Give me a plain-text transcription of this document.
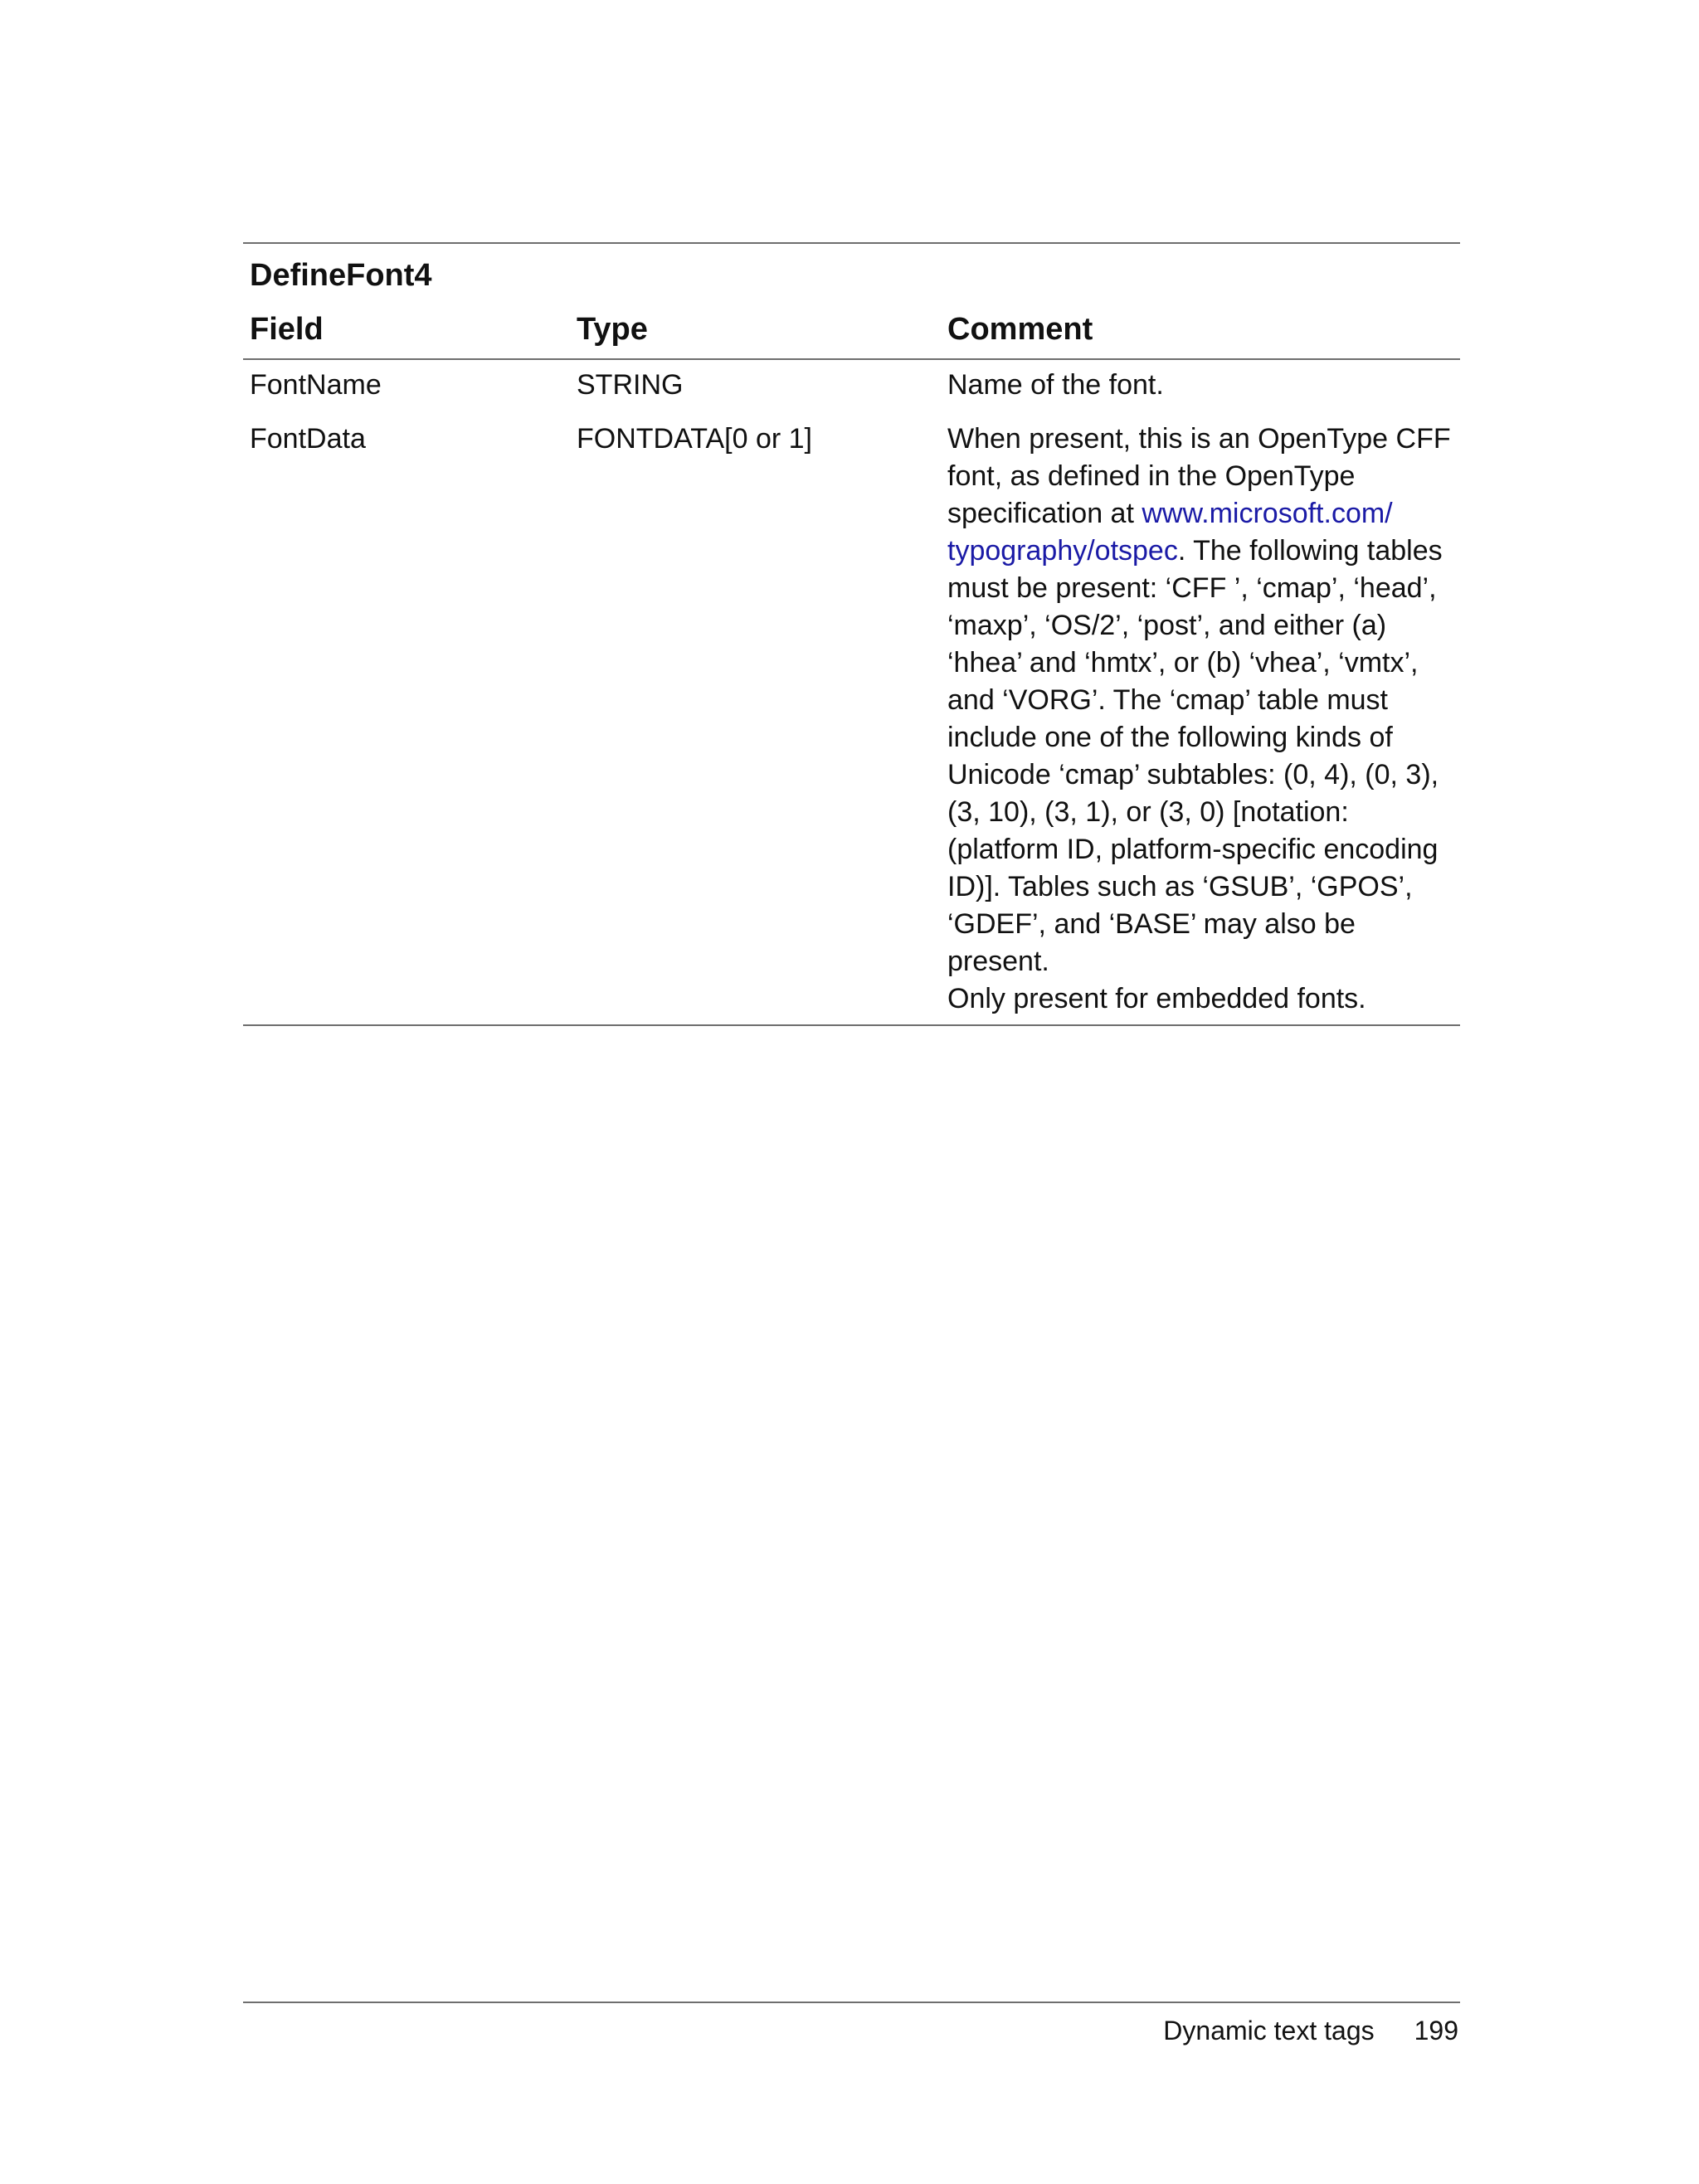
DefineFont4
Field	Type	Comment
FontName	STRING	Name of the font.
FontData	FONTDATA[0 or 1]	When present, this is an OpenType CFF font, as defined in the OpenType specification at www.microsoft.com/ typography/otspec. The following tables must be present: ‘CFF ’, ‘cmap’, ‘head’, ‘maxp’, ‘OS/2’, ‘post’, and either (a) ‘hhea’ and ‘hmtx’, or (b) ‘vhea’, ‘vmtx’, and ‘VORG’. The ‘cmap’ table must include one of the following kinds of Unicode ‘cmap’ subtables: (0, 4), (0, 3), (3, 10), (3, 1), or (3, 0) [notation: (platform ID, platform-specific encoding ID)]. Tables such as ‘GSUB’, ‘GPOS’, ‘GDEF’, and ‘BASE’ may also be present.
Only present for embedded fonts.
Dynamic text tags 199
